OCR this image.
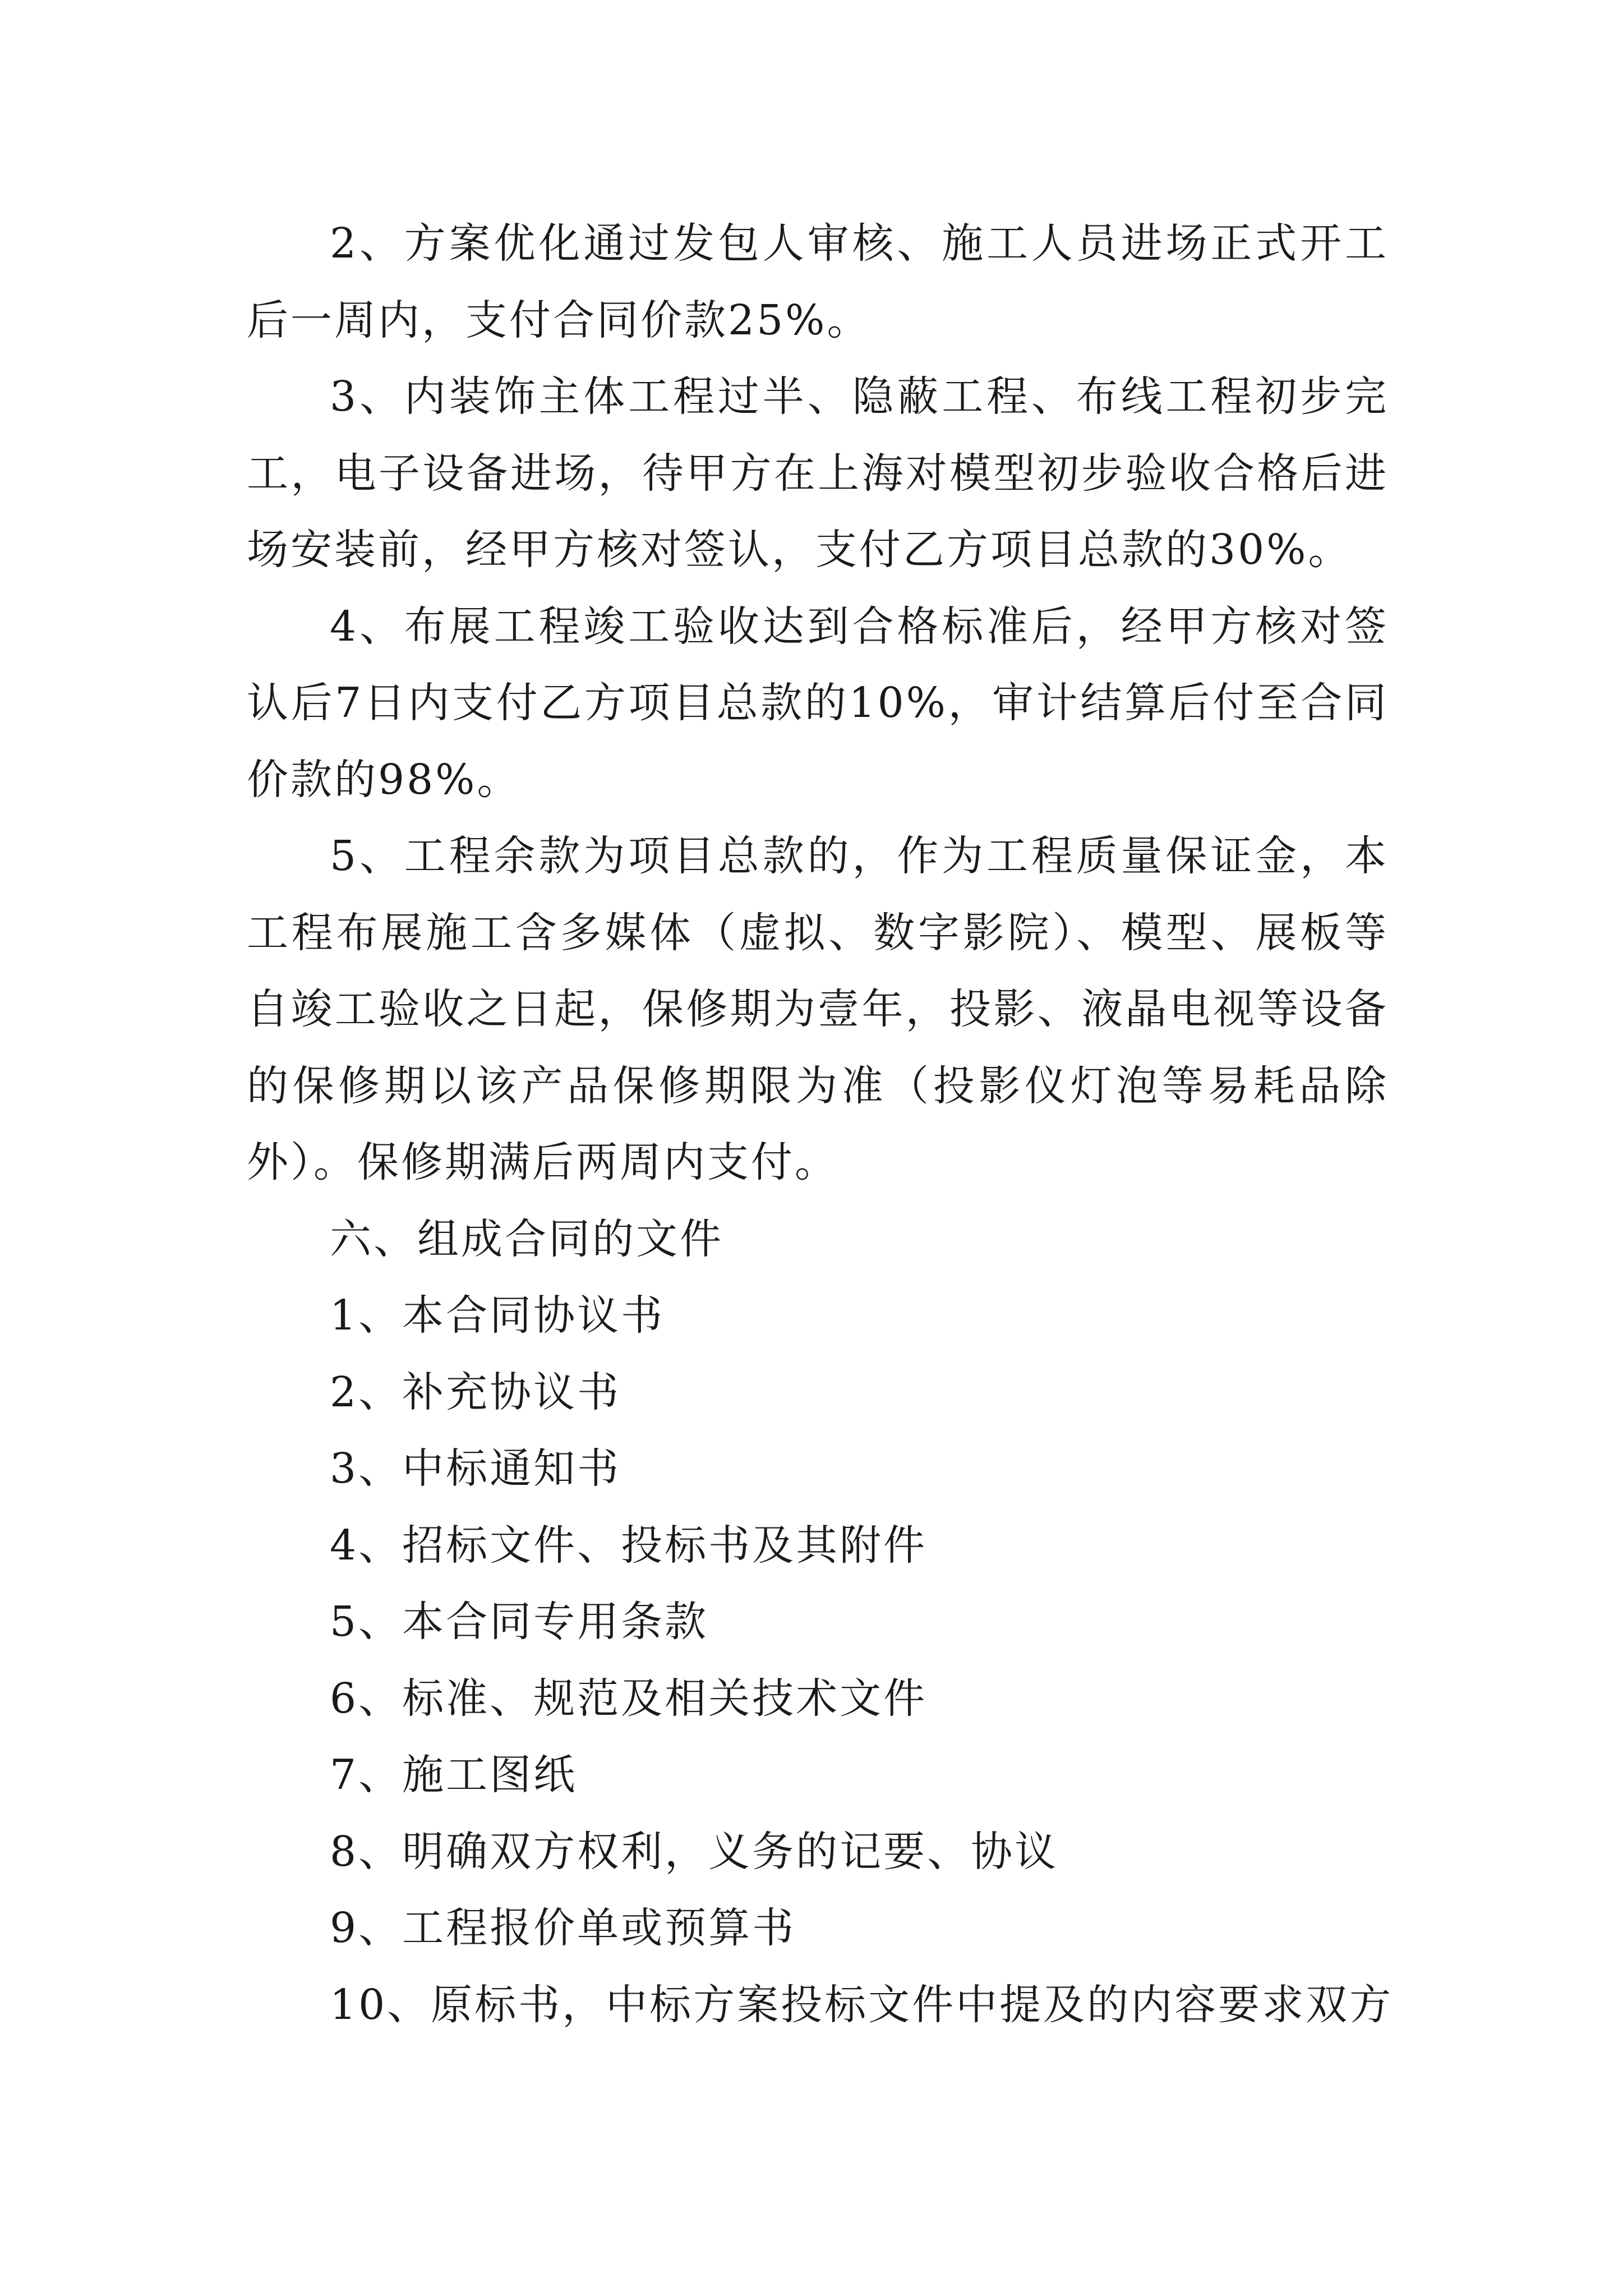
2、方案优化通过发包人审核、施工人员进场正式开工后一周内，支付合同价款25%。

3、内装饰主体工程过半、隐蔽工程、布线工程初步完工，电子设备进场，待甲方在上海对模型初步验收合格后进场安装前，经甲方核对签认，支付乙方项目总款的30%。

4、布展工程竣工验收达到合格标准后，经甲方核对签认后7日内支付乙方项目总款的10%，审计结算后付至合同价款的98%。

5、工程余款为项目总款的，作为工程质量保证金，本工程布展施工含多媒体（虚拟、数字影院）、模型、展板等自竣工验收之日起，保修期为壹年，投影、液晶电视等设备的保修期以该产品保修期限为准（投影仪灯泡等易耗品除外）。保修期满后两周内支付。

六、组成合同的文件

1、本合同协议书

2、补充协议书

3、中标通知书

4、招标文件、投标书及其附件

5、本合同专用条款

6、标准、规范及相关技术文件

7、施工图纸

8、明确双方权利，义务的记要、协议

9、工程报价单或预算书

10、原标书，中标方案投标文件中提及的内容要求双方
